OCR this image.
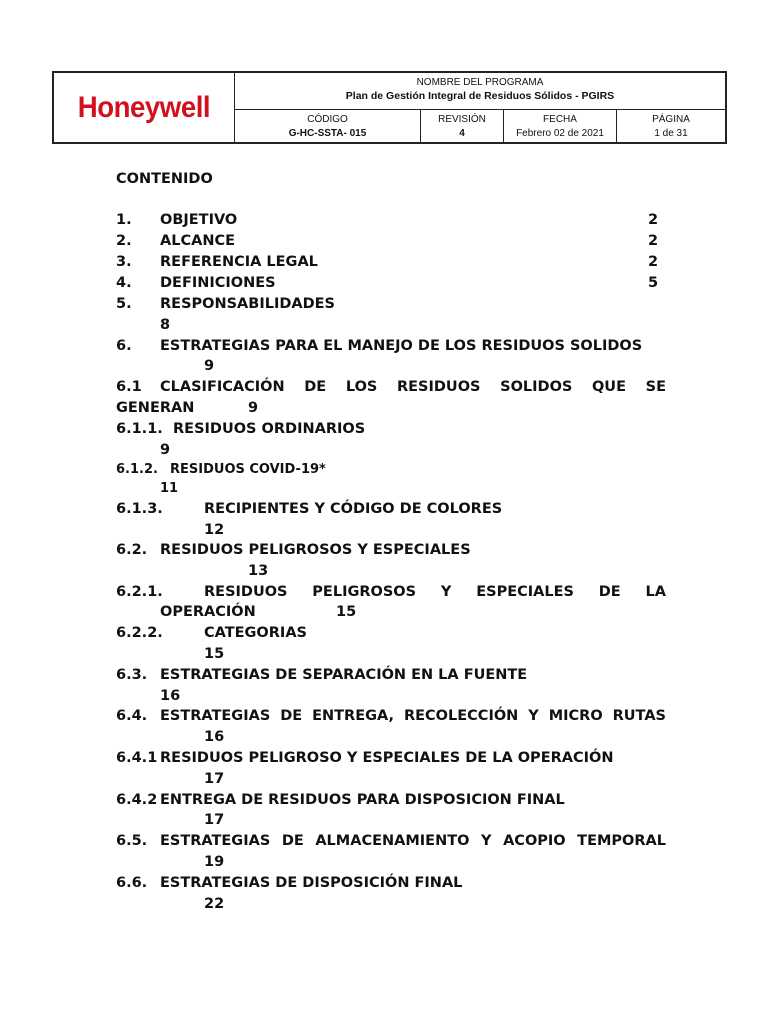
Honeywell
NOMBRE DEL PROGRAMA
Plan de Gestión Integral de Residuos Sólidos - PGIRS
CÓDIGO
G-HC-SSTA- 015
REVISIÓN
4
FECHA
Febrero 02 de 2021
PÁGINA
1 de 31
CONTENIDO
1. OBJETIVO	2
2. ALCANCE	2
3. REFERENCIA LEGAL	2
4. DEFINICIONES	5
5. RESPONSABILIDADES
8
6. ESTRATEGIAS PARA EL MANEJO DE LOS RESIDUOS SOLIDOS
9
6.1 CLASIFICACIÓN DE LOS RESIDUOS SOLIDOS QUE SE
GENERAN	9
6.1.1. RESIDUOS ORDINARIOS
9
6.1.2. RESIDUOS COVID-19*
11
6.1.3.	RECIPIENTES Y CÓDIGO DE COLORES
12
6.2. RESIDUOS PELIGROSOS Y ESPECIALES
13
6.2.1.	RESIDUOS PELIGROSOS Y ESPECIALES DE LA
OPERACIÓN	15
6.2.2.	CATEGORIAS
15
6.3. ESTRATEGIAS DE SEPARACIÓN EN LA FUENTE
16
6.4. ESTRATEGIAS DE ENTREGA, RECOLECCIÓN Y MICRO RUTAS
16
6.4.1 RESIDUOS PELIGROSO Y ESPECIALES DE LA OPERACIÓN
17
6.4.2 ENTREGA DE RESIDUOS PARA DISPOSICION FINAL
17
6.5. ESTRATEGIAS DE ALMACENAMIENTO Y ACOPIO TEMPORAL
19
6.6. ESTRATEGIAS DE DISPOSICIÓN FINAL
22
